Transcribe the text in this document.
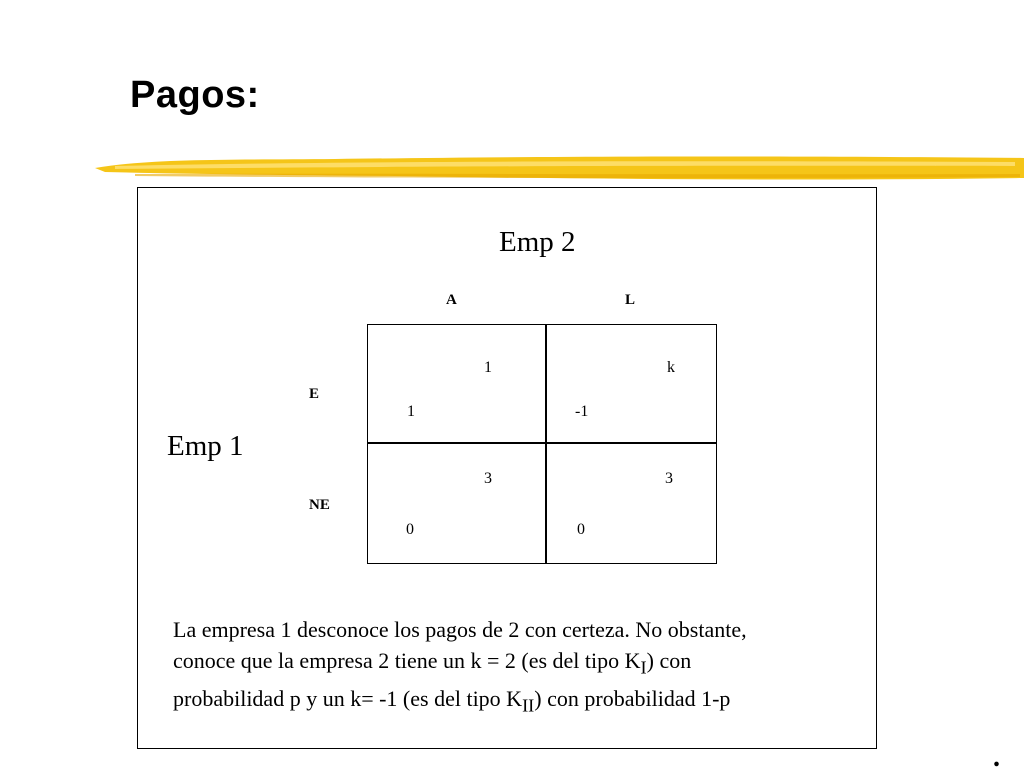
Pagos:
Emp 2
Emp 1
A	L
E
NE
1
1
k
-1
3
0
3
0
La empresa 1 desconoce los pagos de 2 con certeza. No obstante,
conoce que la empresa 2 tiene un k = 2 (es del tipo $K_I$) con
probabilidad p y un k= -1 (es del tipo $K_{II}$) con probabilidad 1-p
.
